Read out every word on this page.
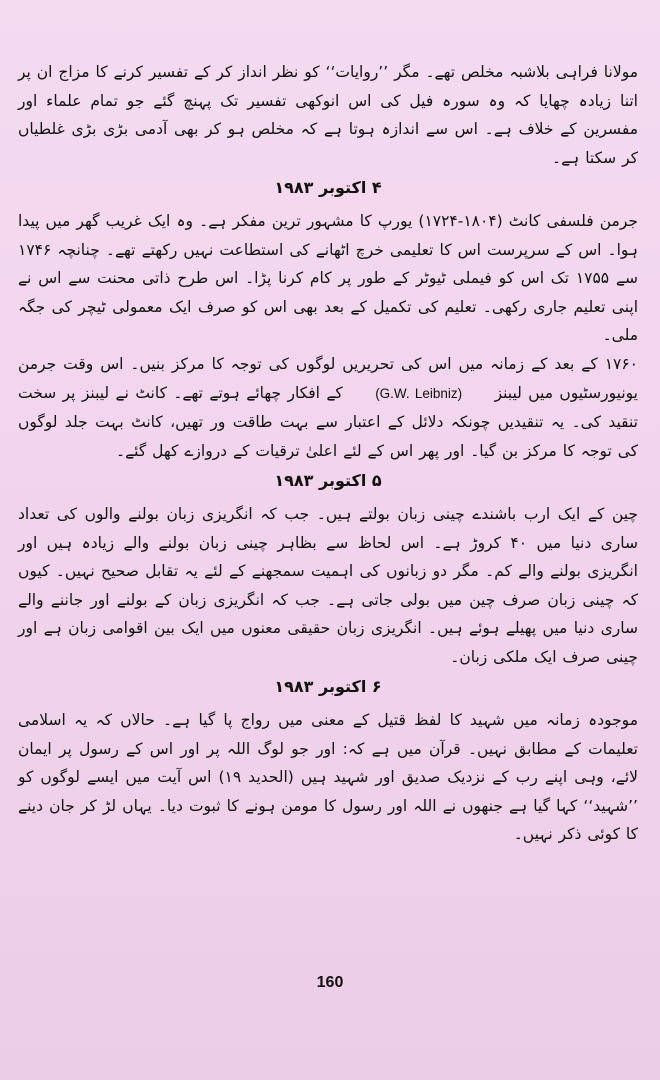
مولانا فراہی بلاشبہ مخلص تھے۔ مگر ’’روایات‘‘ کو نظر انداز کر کے تفسیر کرنے کا مزاج ان پر اتنا زیادہ چھایا کہ وہ سورہ فیل کی اس انوکھی تفسیر تک پہنچ گئے جو تمام علماء اور مفسرین کے خلاف ہے۔ اس سے اندازہ ہوتا ہے کہ مخلص ہو کر بھی آدمی بڑی بڑی غلطیاں کر سکتا ہے۔

۴ اکتوبر ۱۹۸۳

جرمن فلسفی کانٹ (۱۸۰۴-۱۷۲۴) یورپ کا مشہور ترین مفکر ہے۔ وہ ایک غریب گھر میں پیدا ہوا۔ اس کے سرپرست اس کا تعلیمی خرچ اٹھانے کی استطاعت نہیں رکھتے تھے۔ چنانچہ ۱۷۴۶ سے ۱۷۵۵ تک اس کو فیملی ٹیوٹر کے طور پر کام کرنا پڑا۔ اس طرح ذاتی محنت سے اس نے اپنی تعلیم جاری رکھی۔ تعلیم کی تکمیل کے بعد بھی اس کو صرف ایک معمولی ٹیچر کی جگہ ملی۔

۱۷۶۰ کے بعد کے زمانہ میں اس کی تحریریں لوگوں کی توجہ کا مرکز بنیں۔ اس وقت جرمن یونیورسٹیوں میں لیبنز (G.W. Leibniz) کے افکار چھائے ہوتے تھے۔ کانٹ نے لیبنز پر سخت تنقید کی۔ یہ تنقیدیں چونکہ دلائل کے اعتبار سے بہت طاقت ور تھیں، کانٹ بہت جلد لوگوں کی توجہ کا مرکز بن گیا۔ اور پھر اس کے لئے اعلیٰ ترقیات کے دروازے کھل گئے۔

۵ اکتوبر ۱۹۸۳

چین کے ایک ارب باشندے چینی زبان بولتے ہیں۔ جب کہ انگریزی زبان بولنے والوں کی تعداد ساری دنیا میں ۴۰ کروڑ ہے۔ اس لحاظ سے بظاہر چینی زبان بولنے والے زیادہ ہیں اور انگریزی بولنے والے کم۔ مگر دو زبانوں کی اہمیت سمجھنے کے لئے یہ تقابل صحیح نہیں۔ کیوں کہ چینی زبان صرف چین میں بولی جاتی ہے۔ جب کہ انگریزی زبان کے بولنے اور جاننے والے ساری دنیا میں پھیلے ہوئے ہیں۔ انگریزی زبان حقیقی معنوں میں ایک بین اقوامی زبان ہے اور چینی صرف ایک ملکی زبان۔

۶ اکتوبر ۱۹۸۳

موجودہ زمانہ میں شہید کا لفظ قتیل کے معنی میں رواج پا گیا ہے۔ حالاں کہ یہ اسلامی تعلیمات کے مطابق نہیں۔ قرآن میں ہے کہ: اور جو لوگ اللہ پر اور اس کے رسول پر ایمان لائے، وہی اپنے رب کے نزدیک صدیق اور شہید ہیں (الحدید ۱۹) اس آیت میں ایسے لوگوں کو ’’شہید‘‘ کہا گیا ہے جنھوں نے اللہ اور رسول کا مومن ہونے کا ثبوت دیا۔ یہاں لڑ کر جان دینے کا کوئی ذکر نہیں۔

160
